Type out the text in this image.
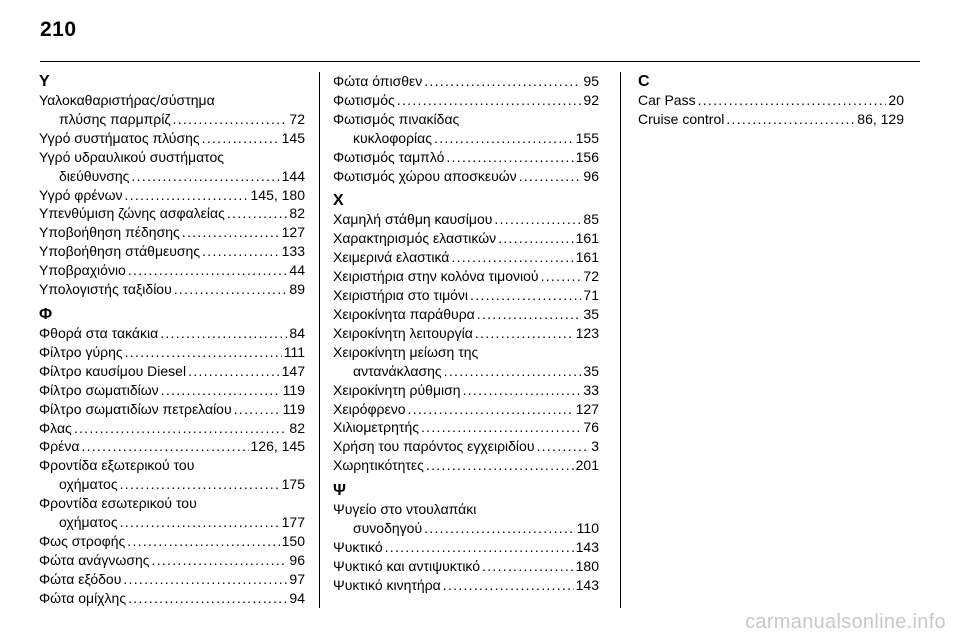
210
Υ
Υαλοκαθαριστήρας/σύστημα
πλύσης παρμπρίζ . . .	72
Υγρό συστήματος πλύσης . . .	145
Υγρό υδραυλικού συστήματος
διεύθυνσης . . .	144
Υγρό φρένων . . .	145, 180
Υπενθύμιση ζώνης ασφαλείας . . .	82
Υποβοήθηση πέδησης . . .	127
Υποβοήθηση στάθμευσης . . .	133
Υποβραχιόνιο . . .	44
Υπολογιστής ταξιδίου . . .	89
Φ
Φθορά στα τακάκια . . .	84
Φίλτρο γύρης . . .	111
Φίλτρο καυσίμου Diesel . . .	147
Φίλτρο σωματιδίων . . .	119
Φίλτρο σωματιδίων πετρελαίου . . .	119
Φλας . . .	82
Φρένα . . .	126, 145
Φροντίδα εξωτερικού του
οχήματος . . .	175
Φροντίδα εσωτερικού του
οχήματος . . .	177
Φως στροφής . . .	150
Φώτα ανάγνωσης . . .	96
Φώτα εξόδου . . .	97
Φώτα ομίχλης . . .	94
Φώτα όπισθεν . . .	95
Φωτισμός . . .	92
Φωτισμός πινακίδας
κυκλοφορίας . . .	155
Φωτισμός ταμπλό . . .	156
Φωτισμός χώρου αποσκευών . . .	96
Χ
Χαμηλή στάθμη καυσίμου . . .	85
Χαρακτηρισμός ελαστικών . . .	161
Χειμερινά ελαστικά . . .	161
Χειριστήρια στην κολόνα τιμονιού . . .	72
Χειριστήρια στο τιμόνι . . .	71
Χειροκίνητα παράθυρα . . .	35
Χειροκίνητη λειτουργία . . .	123
Χειροκίνητη μείωση της
αντανάκλασης . . .	35
Χειροκίνητη ρύθμιση . . .	33
Χειρόφρενο . . .	127
Χιλιομετρητής . . .	76
Χρήση του παρόντος εγχειριδίου . . .	3
Χωρητικότητες . . .	201
Ψ
Ψυγείο στο ντουλαπάκι
συνοδηγού . . .	110
Ψυκτικό . . .	143
Ψυκτικό και αντιψυκτικό . . .	180
Ψυκτικό κινητήρα . . .	143
C
Car Pass . . .	20
Cruise control . . .	86, 129
carmanualsonline.info
